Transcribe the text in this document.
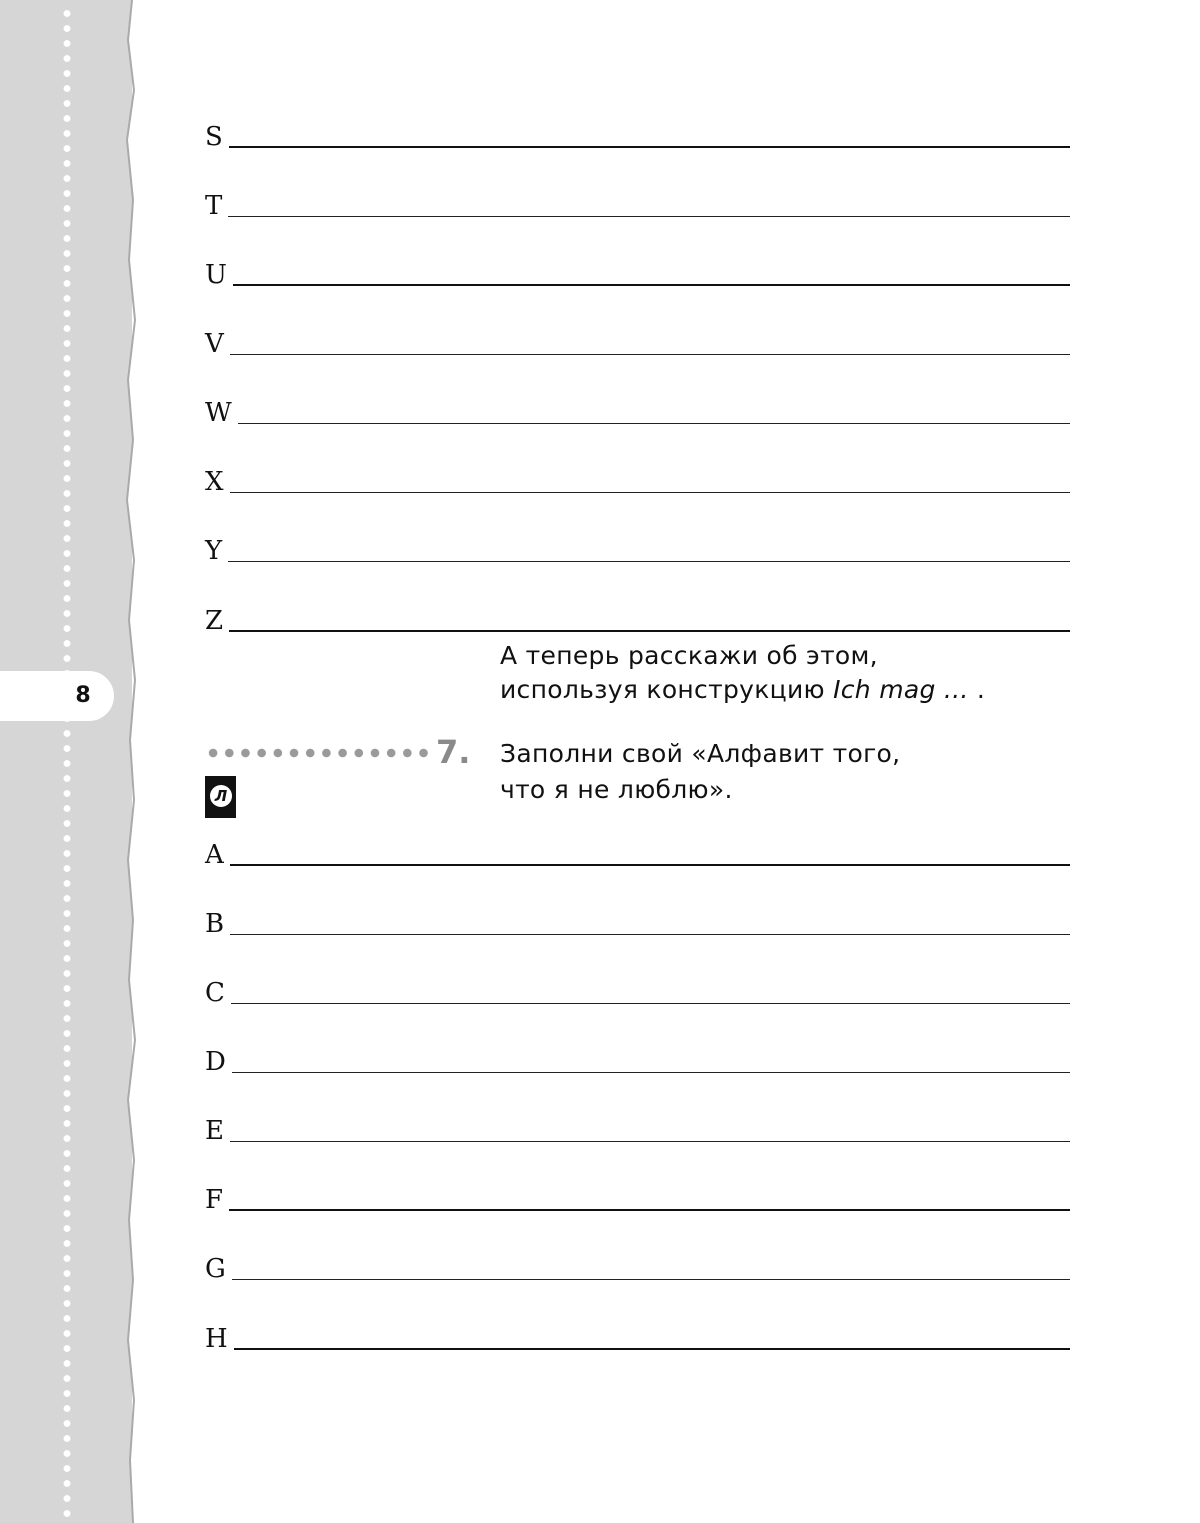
8
S
T
U
V
W
X
Y
Z
А теперь расскажи об этом,
используя конструкцию Ich mag ... .
7.
Л
Заполни свой «Алфавит того,
что я не люблю».
A
B
C
D
E
F
G
H
